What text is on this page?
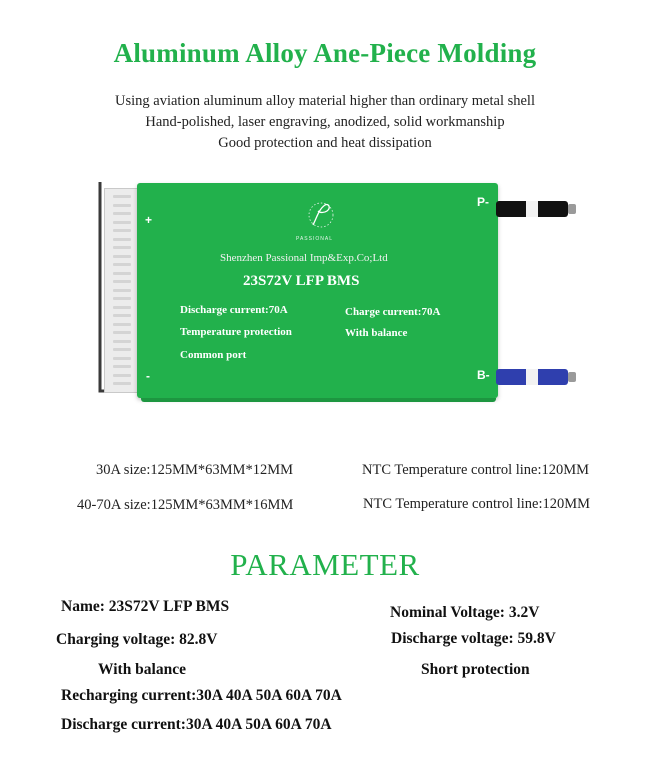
Aluminum Alloy Ane-Piece Molding
Using aviation aluminum alloy material higher than ordinary metal shell
Hand-polished, laser engraving, anodized, solid workmanship
Good protection and heat dissipation
PASSIONAL
Shenzhen Passional Imp&Exp.Co;Ltd
23S72V LFP BMS
Discharge current:70A
Temperature protection
Common port
Charge current:70A
With balance
+
-
P-
B-
30A size:125MM*63MM*12MM	NTC Temperature control line:120MM
40-70A size:125MM*63MM*16MM	NTC Temperature control line:120MM
PARAMETER
Name: 23S72V LFP BMS	Nominal Voltage: 3.2V
Charging voltage: 82.8V	Discharge voltage: 59.8V
With balance	Short protection
Recharging current:30A 40A 50A 60A 70A
Discharge current:30A 40A 50A 60A 70A
